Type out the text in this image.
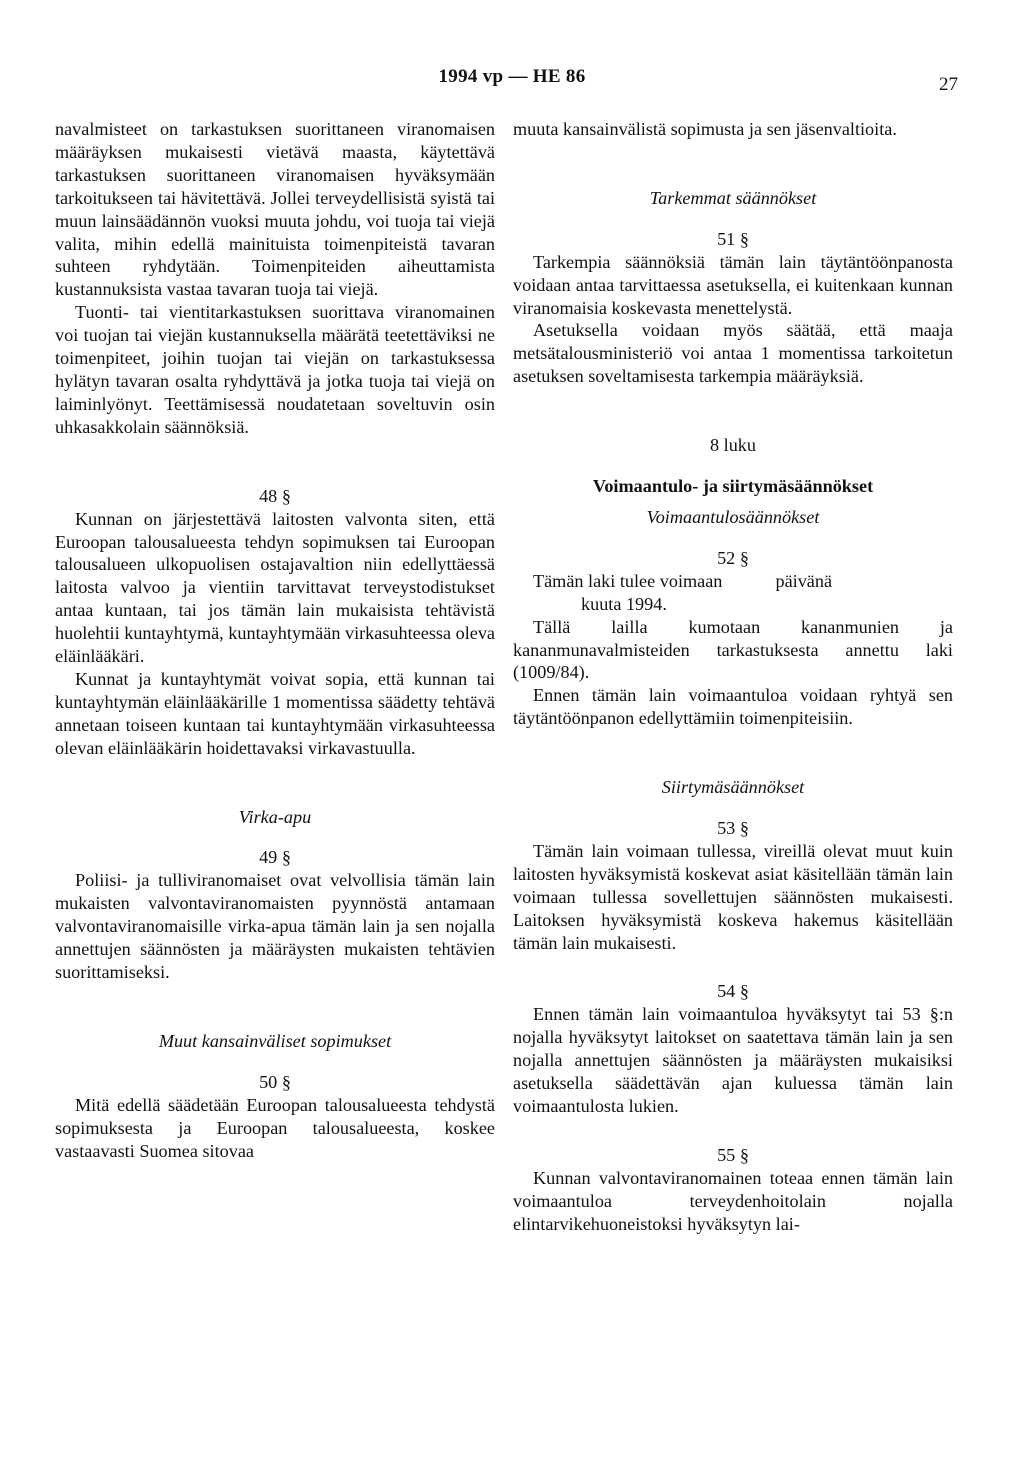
1994 vp — HE 86	27

navalmisteet on tarkastuksen suorittaneen viranomaisen määräyksen mukaisesti vietävä maasta, käytettävä tarkastuksen suorittaneen viranomaisen hyväksymään tarkoitukseen tai hävitettävä. Jollei terveydellisistä syistä tai muun lainsäädännön vuoksi muuta johdu, voi tuoja tai viejä valita, mihin edellä mainituista toimenpiteistä tavaran suhteen ryhdytään. Toimenpiteiden aiheuttamista kustannuksista vastaa tavaran tuoja tai viejä.

Tuonti- tai vientitarkastuksen suorittava viranomainen voi tuojan tai viejän kustannuksella määrätä teetettäviksi ne toimenpiteet, joihin tuojan tai viejän on tarkastuksessa hylätyn tavaran osalta ryhdyttävä ja jotka tuoja tai viejä on laiminlyönyt. Teettämisessä noudatetaan soveltuvin osin uhkasakkolain säännöksiä.

48 §

Kunnan on järjestettävä laitosten valvonta siten, että Euroopan talousalueesta tehdyn sopimuksen tai Euroopan talousalueen ulkopuolisen ostajavaltion niin edellyttäessä laitosta valvoo ja vientiin tarvittavat terveystodistukset antaa kuntaan, tai jos tämän lain mukaisista tehtävistä huolehtii kuntayhtymä, kuntayhtymään virkasuhteessa oleva eläinlääkäri.

Kunnat ja kuntayhtymät voivat sopia, että kunnan tai kuntayhtymän eläinlääkärille 1 momentissa säädetty tehtävä annetaan toiseen kuntaan tai kuntayhtymään virkasuhteessa olevan eläinlääkärin hoidettavaksi virkavastuulla.

Virka-apu

49 §

Poliisi- ja tulliviranomaiset ovat velvollisia tämän lain mukaisten valvontaviranomaisten pyynnöstä antamaan valvontaviranomaisille virka-apua tämän lain ja sen nojalla annettujen säännösten ja määräysten mukaisten tehtävien suorittamiseksi.

Muut kansainväliset sopimukset

50 §

Mitä edellä säädetään Euroopan talousalueesta tehdystä sopimuksesta ja Euroopan talousalueesta, koskee vastaavasti Suomea sitovaa

muuta kansainvälistä sopimusta ja sen jäsenvaltioita.

Tarkemmat säännökset

51 §

Tarkempia säännöksiä tämän lain täytäntöönpanosta voidaan antaa tarvittaessa asetuksella, ei kuitenkaan kunnan viranomaisia koskevasta menettelystä.

Asetuksella voidaan myös säätää, että maaja metsätalousministeriö voi antaa 1 momentissa tarkoitetun asetuksen soveltamisesta tarkempia määräyksiä.

8 luku

Voimaantulo- ja siirtymäsäännökset

Voimaantulosäännökset

52 §

Tämän laki tulee voimaan	päivänä
kuuta 1994.

Tällä lailla kumotaan kananmunien ja kananmunavalmisteiden tarkastuksesta annettu laki (1009/84).

Ennen tämän lain voimaantuloa voidaan ryhtyä sen täytäntöönpanon edellyttämiin toimenpiteisiin.

Siirtymäsäännökset

53 §

Tämän lain voimaan tullessa, vireillä olevat muut kuin laitosten hyväksymistä koskevat asiat käsitellään tämän lain voimaan tullessa sovellettujen säännösten mukaisesti. Laitoksen hyväksymistä koskeva hakemus käsitellään tämän lain mukaisesti.

54 §

Ennen tämän lain voimaantuloa hyväksytyt tai 53 §:n nojalla hyväksytyt laitokset on saatettava tämän lain ja sen nojalla annettujen säännösten ja määräysten mukaisiksi asetuksella säädettävän ajan kuluessa tämän lain voimaantulosta lukien.

55 §

Kunnan valvontaviranomainen toteaa ennen tämän lain voimaantuloa terveydenhoitolain nojalla elintarvikehuoneistoksi hyväksytyn lai-
